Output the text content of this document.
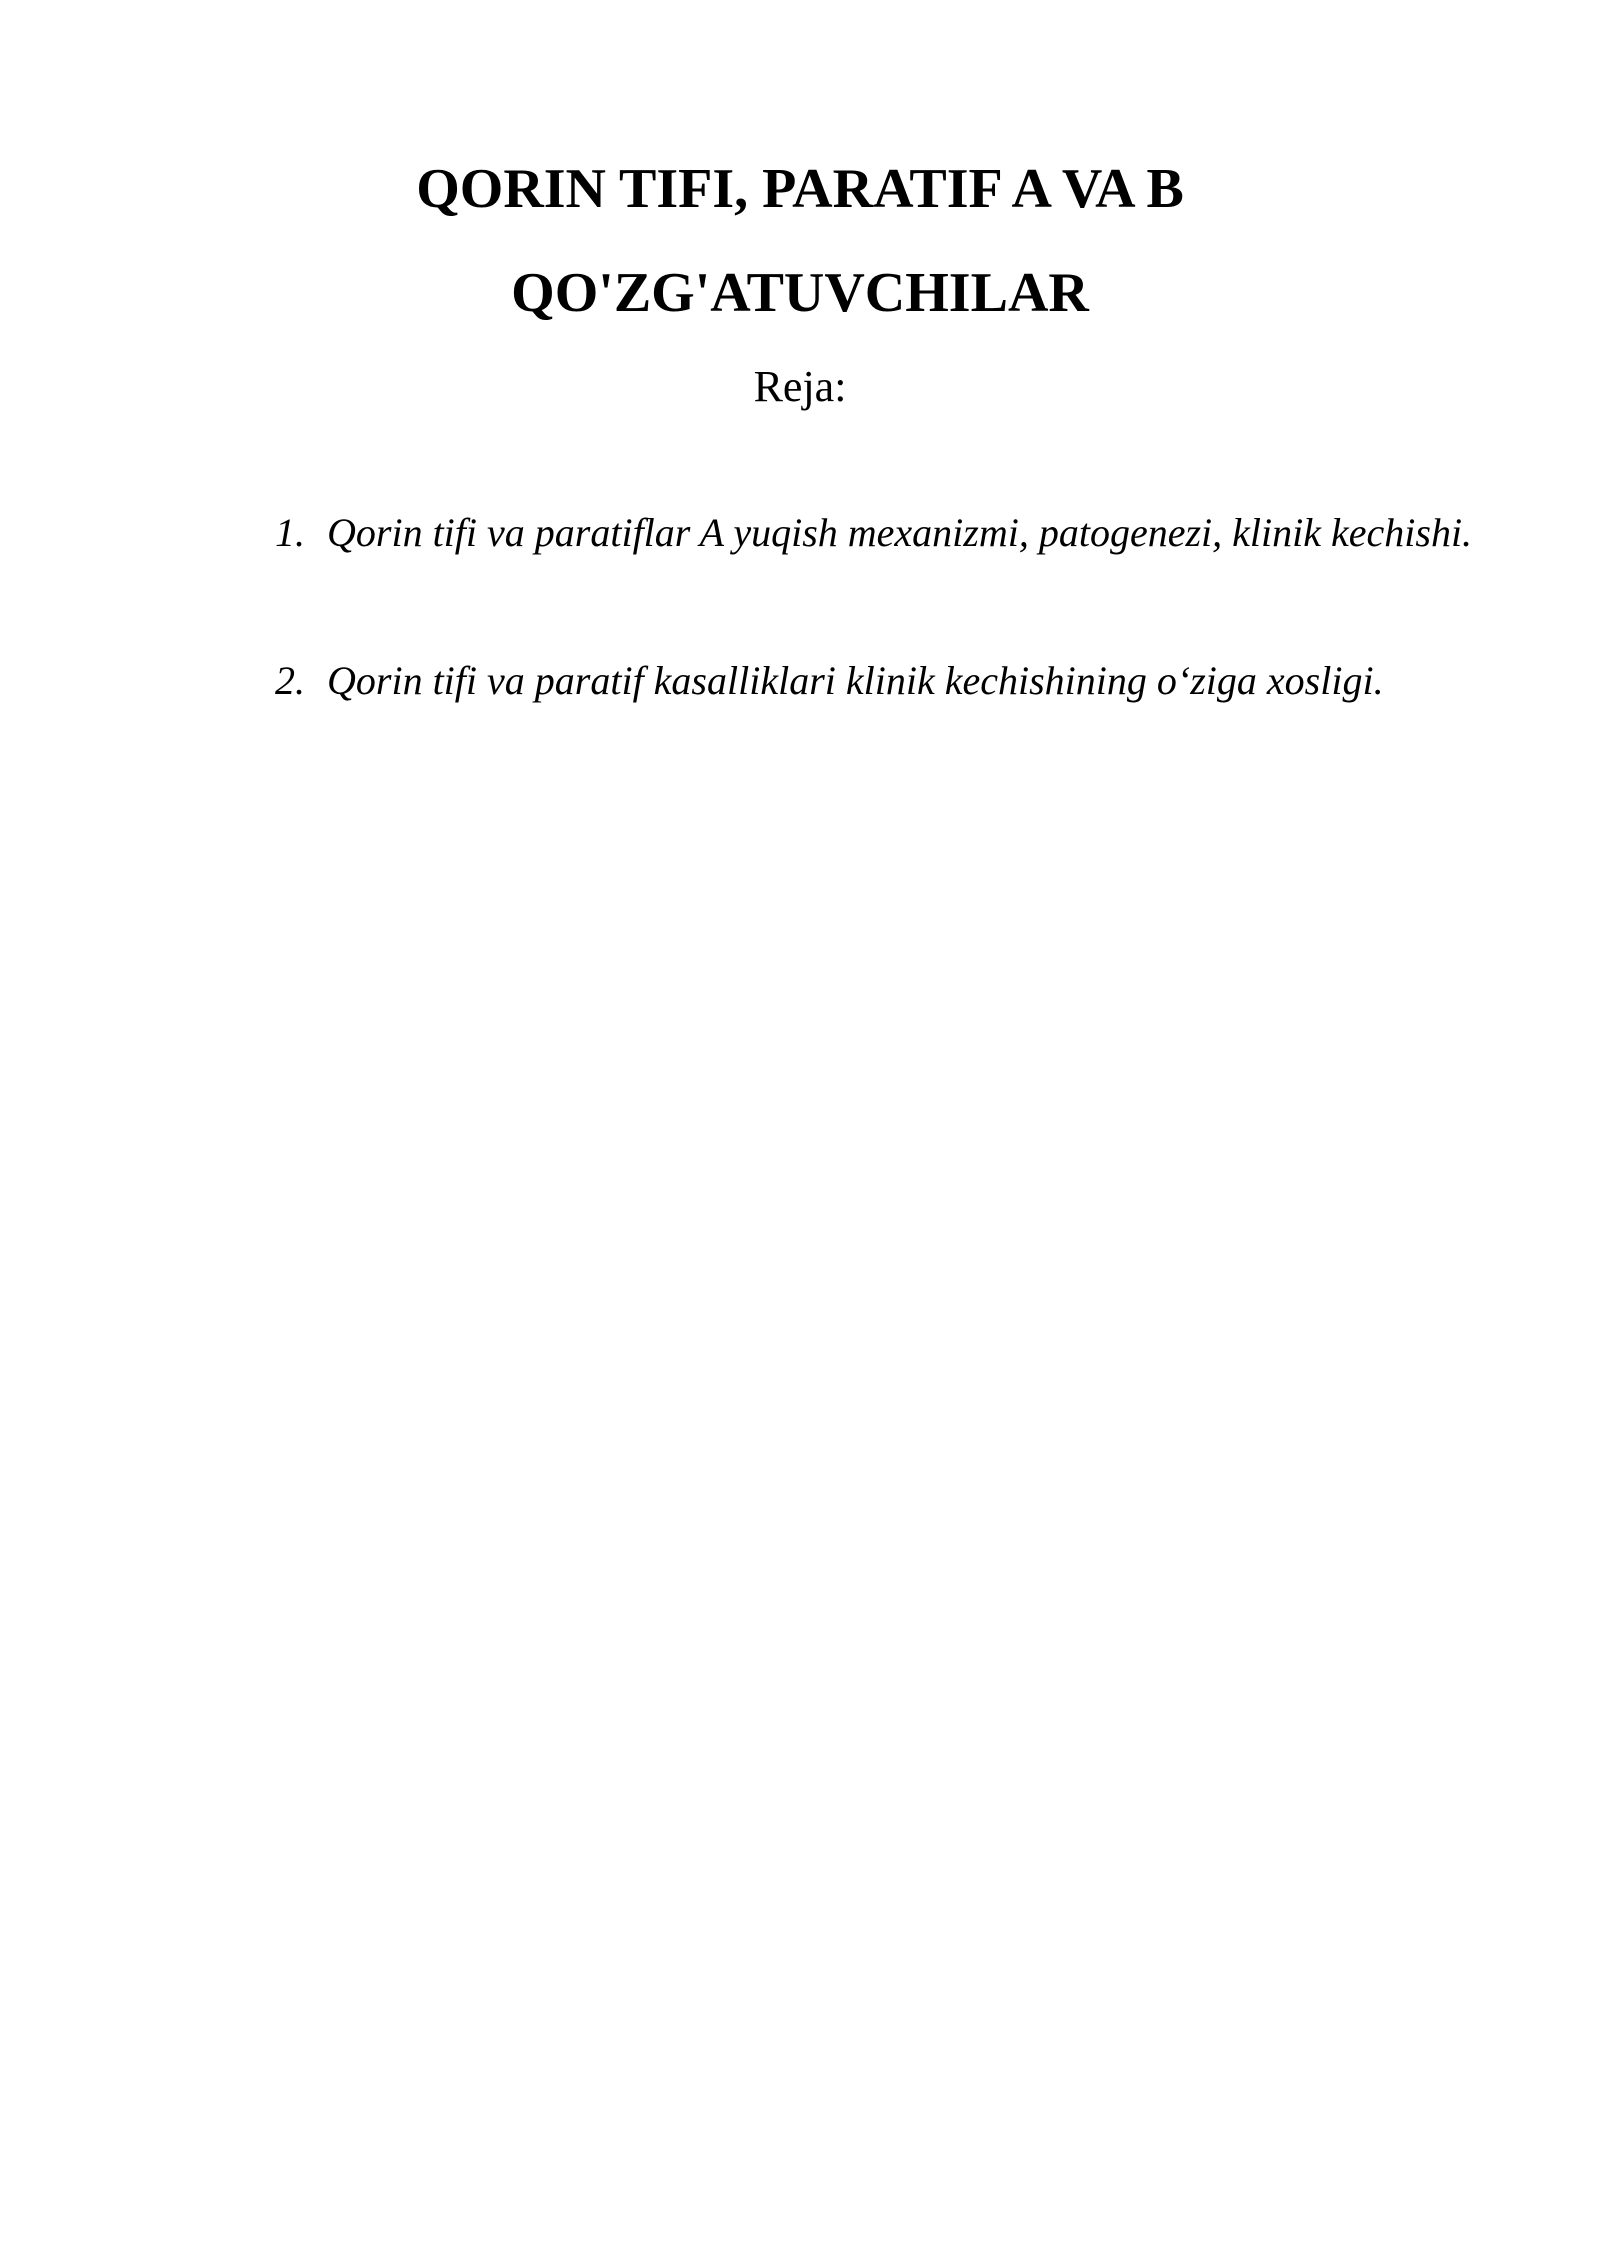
QORIN TIFI, PARATIF A VA B
QO'ZG'ATUVCHILAR

Reja:

1. Qorin tifi va paratiflar A yuqish mexanizmi, patogenezi, klinik kechishi.
2. Qorin tifi va paratif kasalliklari klinik kechishining o‘ziga xosligi.
